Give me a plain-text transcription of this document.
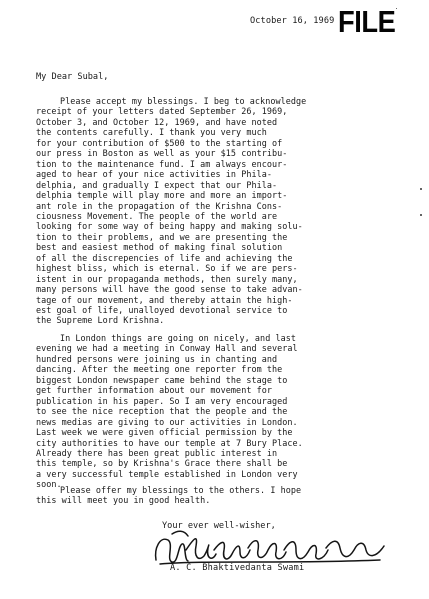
October 16, 1969 ;
FILE
My Dear Subal,
Please accept my blessings. I beg to acknowledge
receipt of your letters dated September 26, 1969,
October 3, and October 12, 1969, and have noted
the contents carefully. I thank you very much
for your contribution of $500 to the starting of
our press in Boston as well as your $15 contribu-
tion to the maintenance fund. I am always encour-
aged to hear of your nice activities in Phila-
delphia, and gradually I expect that our Phila-
delphia temple will play more and more an import-
ant role in the propagation of the Krishna Cons-
ciousness Movement. The people of the world are
looking for some way of being happy and making solu-
tion to their problems, and we are presenting the
best and easiest method of making final solution
of all the discrepencies of life and achieving the
highest bliss, which is eternal. So if we are pers-
istent in our propaganda methods, then surely many,
many persons will have the good sense to take advan-
tage of our movement, and thereby attain the high-
est goal of life, unalloyed devotional service to
the Supreme Lord Krishna.
In London things are going on nicely, and last
evening we had a meeting in Conway Hall and several
hundred persons were joining us in chanting and
dancing. After the meeting one reporter from the
biggest London newspaper came behind the stage to
get further information about our movement for
publication in his paper. So I am very encouraged
to see the nice reception that the people and the
news medias are giving to our activities in London.
Last week we were given official permission by the
city authorities to have our temple at 7 Bury Place.
Already there has been great public interest in
this temple, so by Krishna's Grace there shall be
a very successful temple established in London very
soon.
Please offer my blessings to the others. I hope
this will meet you in good health.
Your ever well-wisher,
A. C. Bhaktivedanta Swami
